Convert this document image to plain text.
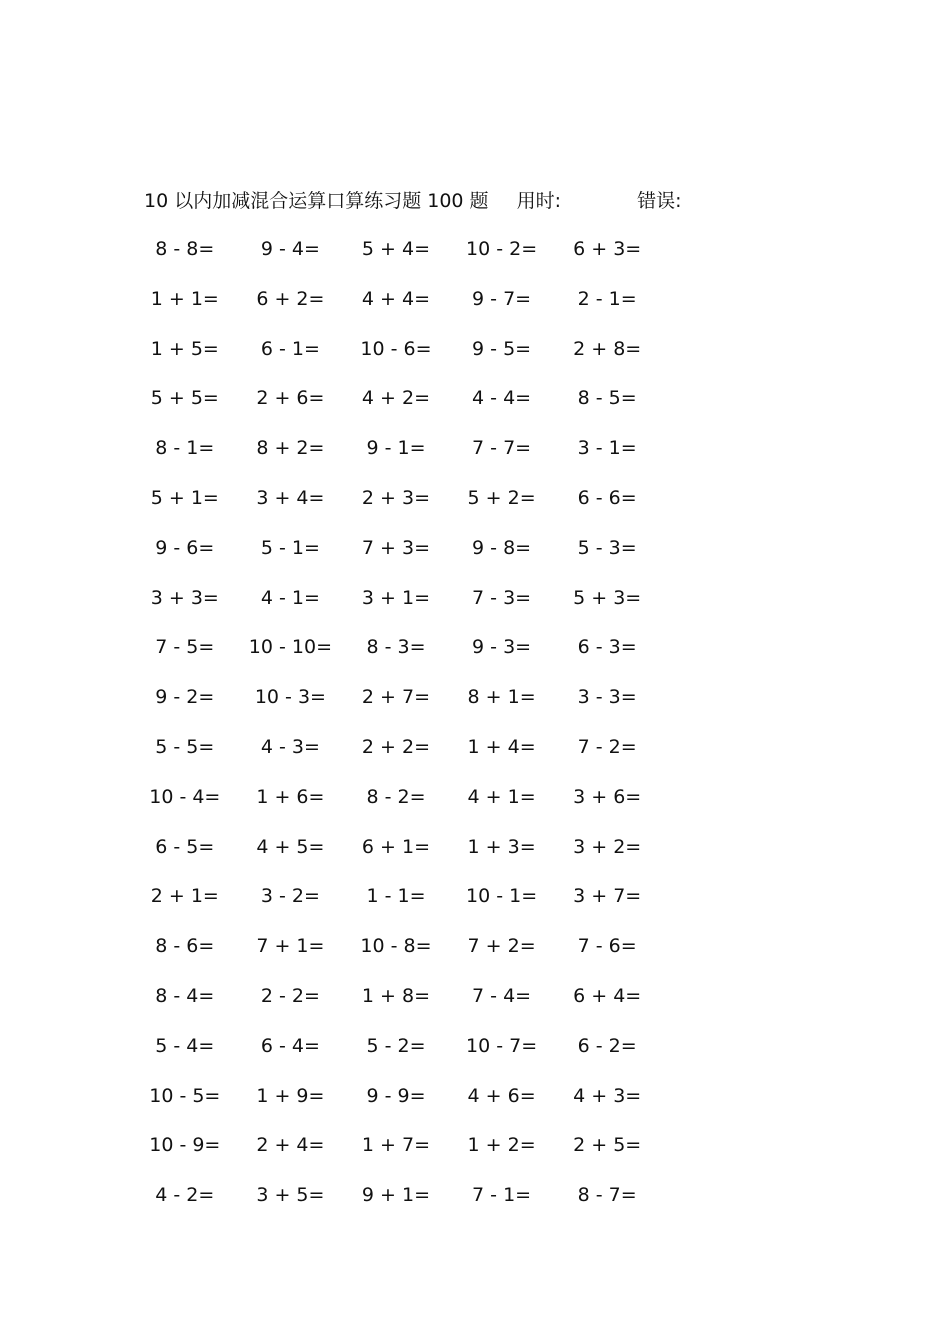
10 以内加减混合运算口算练习题 100 题 用时:	错误:
8 - 8=	9 - 4=	5 + 4=	10 - 2=	6 + 3=
1 + 1=	6 + 2=	4 + 4=	9 - 7=	2 - 1=
1 + 5=	6 - 1=	10 - 6=	9 - 5=	2 + 8=
5 + 5=	2 + 6=	4 + 2=	4 - 4=	8 - 5=
8 - 1=	8 + 2=	9 - 1=	7 - 7=	3 - 1=
5 + 1=	3 + 4=	2 + 3=	5 + 2=	6 - 6=
9 - 6=	5 - 1=	7 + 3=	9 - 8=	5 - 3=
3 + 3=	4 - 1=	3 + 1=	7 - 3=	5 + 3=
7 - 5=	10 - 10=	8 - 3=	9 - 3=	6 - 3=
9 - 2=	10 - 3=	2 + 7=	8 + 1=	3 - 3=
5 - 5=	4 - 3=	2 + 2=	1 + 4=	7 - 2=
10 - 4=	1 + 6=	8 - 2=	4 + 1=	3 + 6=
6 - 5=	4 + 5=	6 + 1=	1 + 3=	3 + 2=
2 + 1=	3 - 2=	1 - 1=	10 - 1=	3 + 7=
8 - 6=	7 + 1=	10 - 8=	7 + 2=	7 - 6=
8 - 4=	2 - 2=	1 + 8=	7 - 4=	6 + 4=
5 - 4=	6 - 4=	5 - 2=	10 - 7=	6 - 2=
10 - 5=	1 + 9=	9 - 9=	4 + 6=	4 + 3=
10 - 9=	2 + 4=	1 + 7=	1 + 2=	2 + 5=
4 - 2=	3 + 5=	9 + 1=	7 - 1=	8 - 7=
